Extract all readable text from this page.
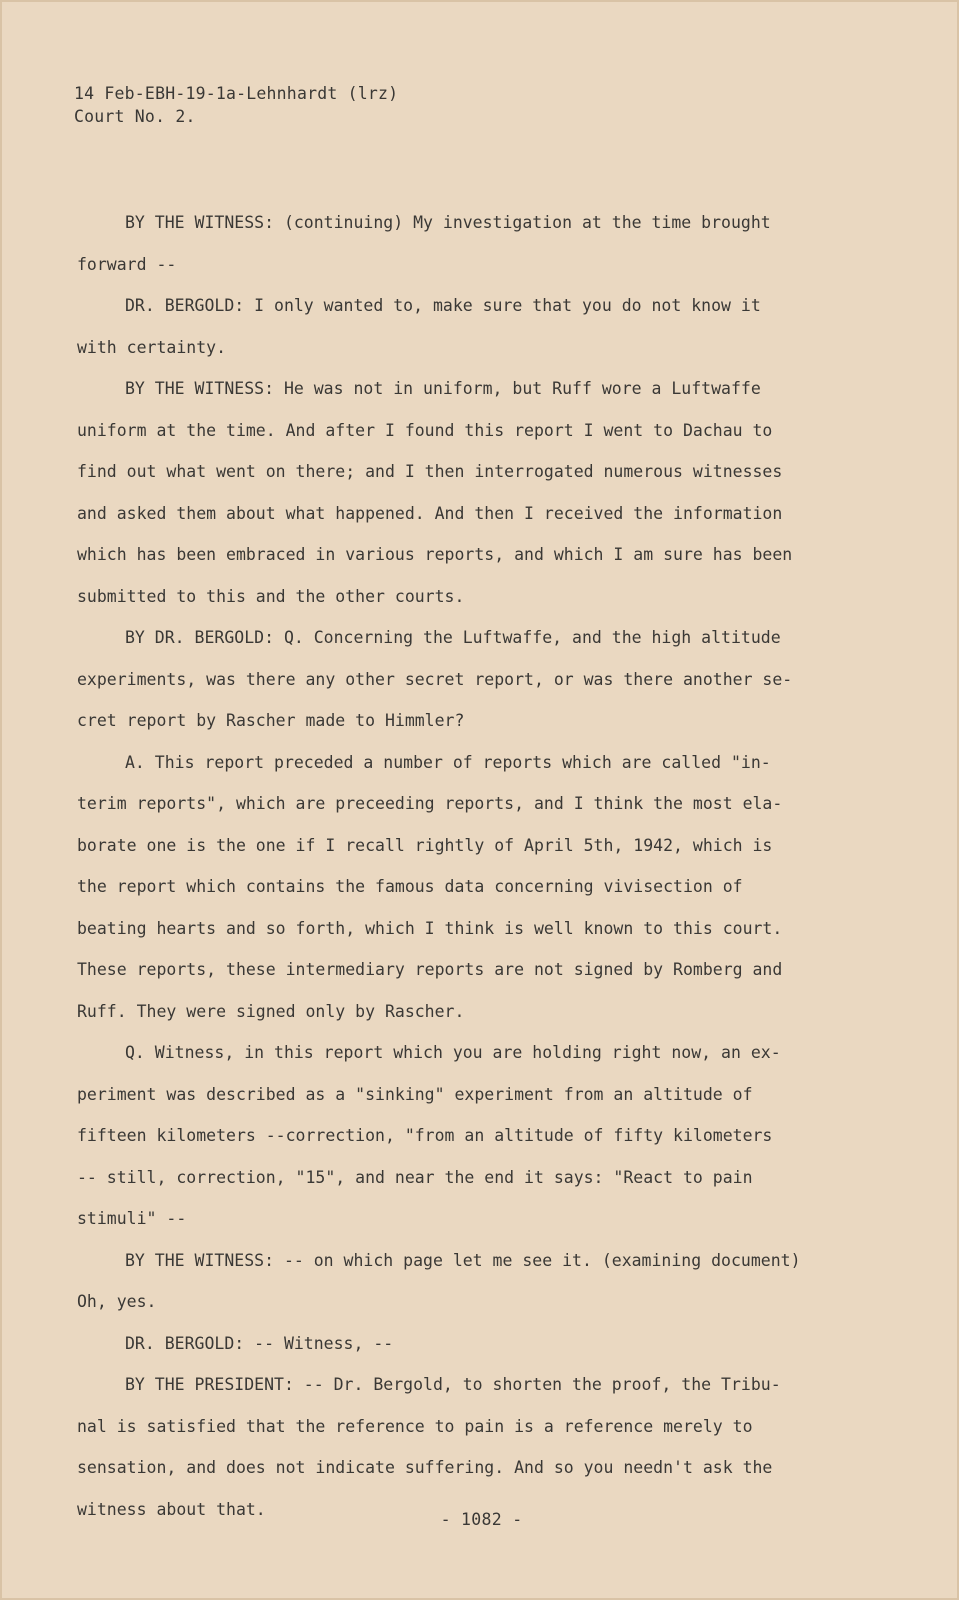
14 Feb-EBH-19-1a-Lehnhardt (lrz)
Court No. 2.
BY THE WITNESS: (continuing) My investigation at the time brought
forward --
DR. BERGOLD: I only wanted to, make sure that you do not know it
with certainty.
BY THE WITNESS: He was not in uniform, but Ruff wore a Luftwaffe
uniform at the time. And after I found this report I went to Dachau to
find out what went on there; and I then interrogated numerous witnesses
and asked them about what happened. And then I received the information
which has been embraced in various reports, and which I am sure has been
submitted to this and the other courts.
BY DR. BERGOLD: Q. Concerning the Luftwaffe, and the high altitude
experiments, was there any other secret report, or was there another se-
cret report by Rascher made to Himmler?
A. This report preceded a number of reports which are called "in-
terim reports", which are preceeding reports, and I think the most ela-
borate one is the one if I recall rightly of April 5th, 1942, which is
the report which contains the famous data concerning vivisection of
beating hearts and so forth, which I think is well known to this court.
These reports, these intermediary reports are not signed by Romberg and
Ruff. They were signed only by Rascher.
Q. Witness, in this report which you are holding right now, an ex-
periment was described as a "sinking" experiment from an altitude of
fifteen kilometers --correction, "from an altitude of fifty kilometers
-- still, correction, "15", and near the end it says: "React to pain
stimuli" --
BY THE WITNESS: -- on which page let me see it. (examining document)
Oh, yes.
DR. BERGOLD: -- Witness, --
BY THE PRESIDENT: -- Dr. Bergold, to shorten the proof, the Tribu-
nal is satisfied that the reference to pain is a reference merely to
sensation, and does not indicate suffering. And so you needn't ask the
witness about that.
- 1082 -
